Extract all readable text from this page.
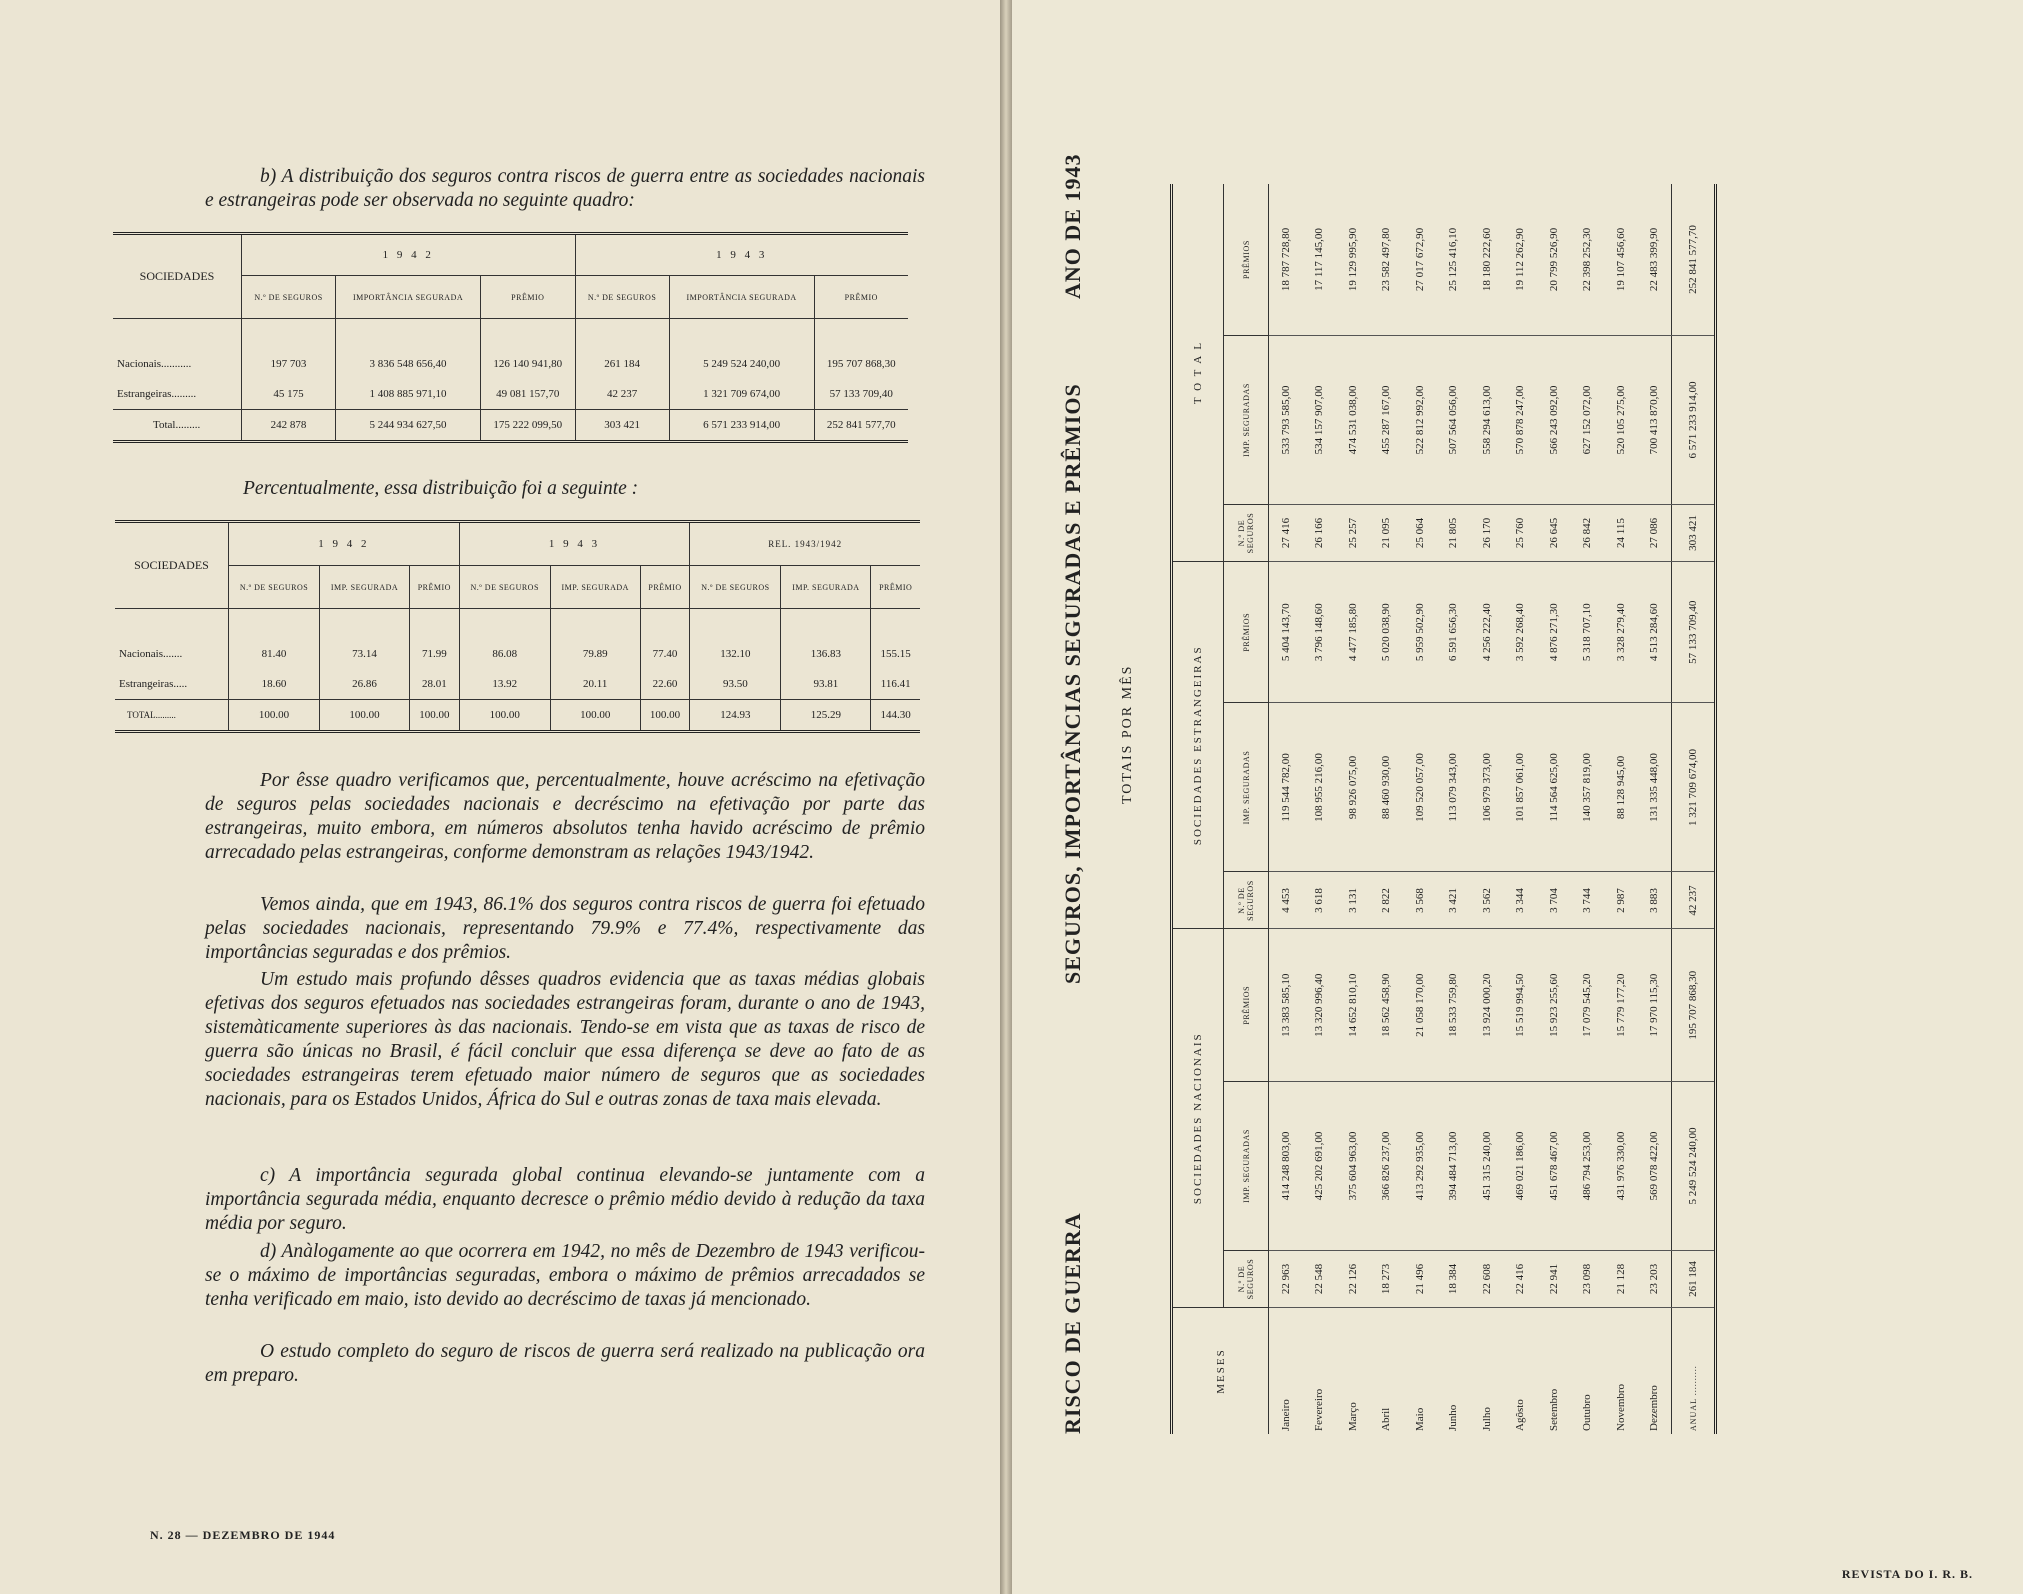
b) A distribuição dos seguros contra riscos de guerra entre as sociedades nacionais e estrangeiras pode ser observada no seguinte quadro:

SOCIEDADES	1 9 4 2			1 9 4 3		
	N.º DE SEGUROS	IMPORTÂNCIA SEGURADA	PRÊMIO	N.º DE SEGUROS	IMPORTÂNCIA SEGURADA	PRÊMIO

Nacionais...........	197 703	3 836 548 656,40	126 140 941,80	261 184	5 249 524 240,00	195 707 868,30
Estrangeiras.........	45 175	1 408 885 971,10	49 081 157,70	42 237	1 321 709 674,00	57 133 709,40
Total.........	242 878	5 244 934 627,50	175 222 099,50	303 421	6 571 233 914,00	252 841 577,70
Percentualmente, essa distribuição foi a seguinte :
SOCIEDADES	1 9 4 2			1 9 4 3			REL. 1943/1942		
	N.º DE SEGUROS	IMP. SEGURADA	PRÊMIO	N.º DE SEGUROS	IMP. SEGURADA	PRÊMIO	N.º DE SEGUROS	IMP. SEGURADA	PRÊMIO

Nacionais.......	81.40	73.14	71.99	86.08	79.89	77.40	132.10	136.83	155.15
Estrangeiras.....	18.60	26.86	28.01	13.92	20.11	22.60	93.50	93.81	116.41
TOTAL.........	100.00	100.00	100.00	100.00	100.00	100.00	124.93	125.29	144.30

Por êsse quadro verificamos que, percentualmente, houve acréscimo na efetivação de seguros pelas sociedades nacionais e decréscimo na efetivação por parte das estrangeiras, muito embora, em números absolutos tenha havido acréscimo de prêmio arrecadado pelas estrangeiras, conforme demonstram as relações 1943/1942.

Vemos ainda, que em 1943, 86.1% dos seguros contra riscos de guerra foi efetuado pelas sociedades nacionais, representando 79.9% e 77.4%, respectivamente das importâncias seguradas e dos prêmios.

Um estudo mais profundo dêsses quadros evidencia que as taxas médias globais efetivas dos seguros efetuados nas sociedades estrangeiras foram, durante o ano de 1943, sistemàticamente superiores às das nacionais. Tendo-se em vista que as taxas de risco de guerra são únicas no Brasil, é fácil concluir que essa diferença se deve ao fato de as sociedades estrangeiras terem efetuado maior número de seguros que as sociedades nacionais, para os Estados Unidos, África do Sul e outras zonas de taxa mais elevada.

c) A importância segurada global continua elevando-se juntamente com a importância segurada média, enquanto decresce o prêmio médio devido à redução da taxa média por seguro.

d) Anàlogamente ao que ocorrera em 1942, no mês de Dezembro de 1943 verificou-se o máximo de importâncias seguradas, embora o máximo de prêmios arrecadados se tenha verificado em maio, isto devido ao decréscimo de taxas já mencionado.

O estudo completo do seguro de riscos de guerra será realizado na publicação ora em preparo.

N. 28 — DEZEMBRO DE 1944
REVISTA DO I. R. B.
RISCO DE GUERRA
SEGUROS, IMPORTÂNCIAS SEGURADAS E PRÊMIOS
ANO DE 1943
TOTAIS POR MÊS
MESES	SOCIEDADES NACIONAIS			SOCIEDADES ESTRANGEIRAS			T O T A L		
	N.º DE SEGUROS	IMP. SEGURADAS	PRÊMIOS	N.º DE SEGUROS	IMP. SEGURADAS	PRÊMIOS	N.º DE SEGUROS	IMP. SEGURADAS	PRÊMIOS
Janeiro	22 963	414 248 803,00	13 383 585,10	4 453	119 544 782,00	5 404 143,70	27 416	533 793 585,00	18 787 728,80
Fevereiro	22 548	425 202 691,00	13 320 996,40	3 618	108 955 216,00	3 796 148,60	26 166	534 157 907,00	17 117 145,00
Março	22 126	375 604 963,00	14 652 810,10	3 131	98 926 075,00	4 477 185,80	25 257	474 531 038,00	19 129 995,90
Abril	18 273	366 826 237,00	18 562 458,90	2 822	88 460 930,00	5 020 038,90	21 095	455 287 167,00	23 582 497,80
Maio	21 496	413 292 935,00	21 058 170,00	3 568	109 520 057,00	5 959 502,90	25 064	522 812 992,00	27 017 672,90
Junho	18 384	394 484 713,00	18 533 759,80	3 421	113 079 343,00	6 591 656,30	21 805	507 564 056,00	25 125 416,10
Julho	22 608	451 315 240,00	13 924 000,20	3 562	106 979 373,00	4 256 222,40	26 170	558 294 613,00	18 180 222,60
Agôsto	22 416	469 021 186,00	15 519 994,50	3 344	101 857 061,00	3 592 268,40	25 760	570 878 247,00	19 112 262,90
Setembro	22 941	451 678 467,00	15 923 255,60	3 704	114 564 625,00	4 876 271,30	26 645	566 243 092,00	20 799 526,90
Outubro	23 098	486 794 253,00	17 079 545,20	3 744	140 357 819,00	5 318 707,10	26 842	627 152 072,00	22 398 252,30
Novembro	21 128	431 976 330,00	15 779 177,20	2 987	88 128 945,00	3 328 279,40	24 115	520 105 275,00	19 107 456,60
Dezembro	23 203	569 078 422,00	17 970 115,30	3 883	131 335 448,00	4 513 284,60	27 086	700 413 870,00	22 483 399,90
ANUAL ..........	261 184	5 249 524 240,00	195 707 868,30	42 237	1 321 709 674,00	57 133 709,40	303 421	6 571 233 914,00	252 841 577,70
